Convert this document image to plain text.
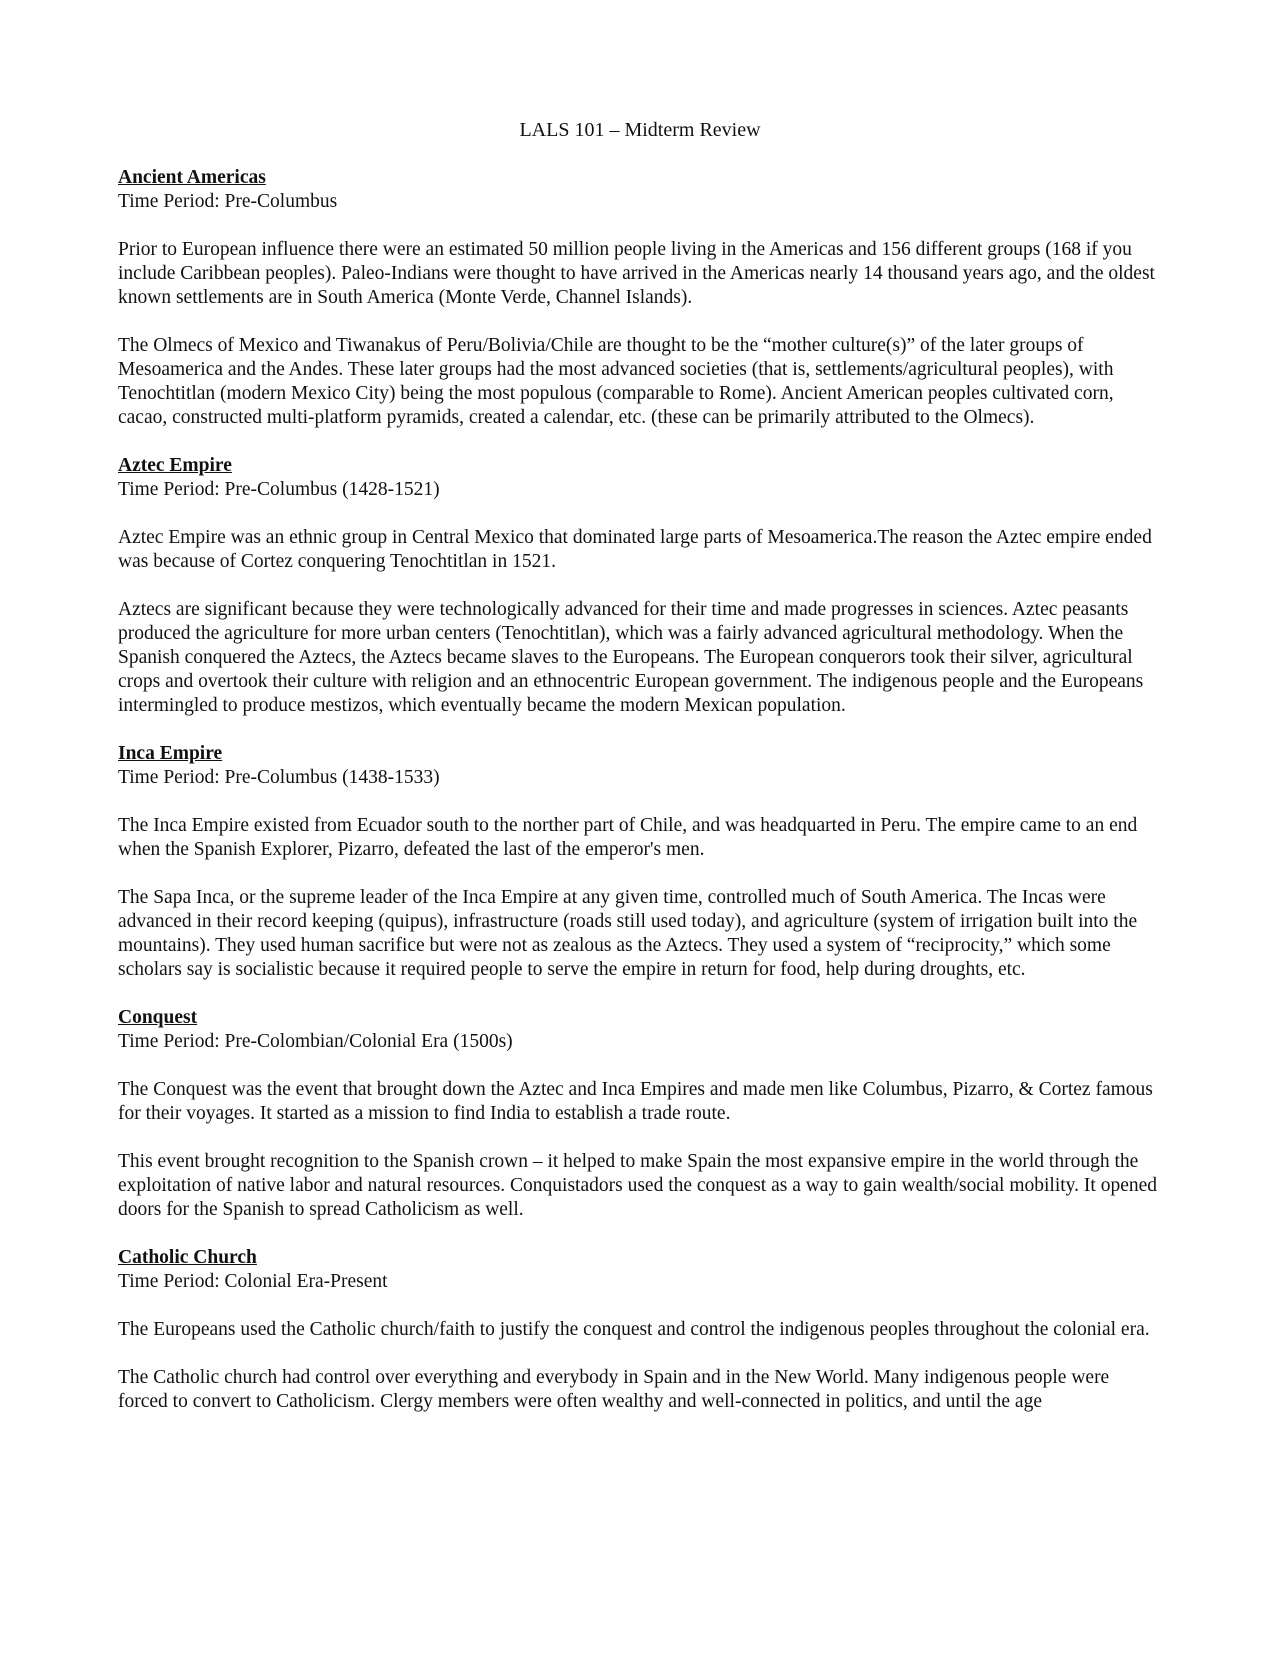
LALS 101 – Midterm Review
Ancient Americas

Time Period: Pre-Columbus

Prior to European influence there were an estimated 50 million people living in the Americas and 156 different groups (168 if you include Caribbean peoples). Paleo-Indians were thought to have arrived in the Americas nearly 14 thousand years ago, and the oldest known settlements are in South America (Monte Verde, Channel Islands).

The Olmecs of Mexico and Tiwanakus of Peru/Bolivia/Chile are thought to be the “mother culture(s)” of the later groups of Mesoamerica and the Andes. These later groups had the most advanced societies (that is, settlements/agricultural peoples), with Tenochtitlan (modern Mexico City) being the most populous (comparable to Rome). Ancient American peoples cultivated corn, cacao, constructed multi-platform pyramids, created a calendar, etc. (these can be primarily attributed to the Olmecs).

Aztec Empire

Time Period: Pre-Columbus (1428-1521)

Aztec Empire was an ethnic group in Central Mexico that dominated large parts of Mesoamerica.The reason the Aztec empire ended was because of Cortez conquering Tenochtitlan in 1521.

Aztecs are significant because they were technologically advanced for their time and made progresses in sciences. Aztec peasants produced the agriculture for more urban centers (Tenochtitlan), which was a fairly advanced agricultural methodology. When the Spanish conquered the Aztecs, the Aztecs became slaves to the Europeans. The European conquerors took their silver, agricultural crops and overtook their culture with religion and an ethnocentric European government. The indigenous people and the Europeans intermingled to produce mestizos, which eventually became the modern Mexican population.

Inca Empire

Time Period: Pre-Columbus (1438-1533)

The Inca Empire existed from Ecuador south to the norther part of Chile, and was headquarted in Peru. The empire came to an end when the Spanish Explorer, Pizarro, defeated the last of the emperor's men.

The Sapa Inca, or the supreme leader of the Inca Empire at any given time, controlled much of South America. The Incas were advanced in their record keeping (quipus), infrastructure (roads still used today), and agriculture (system of irrigation built into the mountains). They used human sacrifice but were not as zealous as the Aztecs. They used a system of “reciprocity,” which some scholars say is socialistic because it required people to serve the empire in return for food, help during droughts, etc.

Conquest

Time Period: Pre-Colombian/Colonial Era (1500s)

The Conquest was the event that brought down the Aztec and Inca Empires and made men like Columbus, Pizarro, & Cortez famous for their voyages. It started as a mission to find India to establish a trade route.

This event brought recognition to the Spanish crown – it helped to make Spain the most expansive empire in the world through the exploitation of native labor and natural resources. Conquistadors used the conquest as a way to gain wealth/social mobility. It opened doors for the Spanish to spread Catholicism as well.

Catholic Church

Time Period: Colonial Era-Present

The Europeans used the Catholic church/faith to justify the conquest and control the indigenous peoples throughout the colonial era.

The Catholic church had control over everything and everybody in Spain and in the New World. Many indigenous people were forced to convert to Catholicism. Clergy members were often wealthy and well-connected in politics, and until the age
